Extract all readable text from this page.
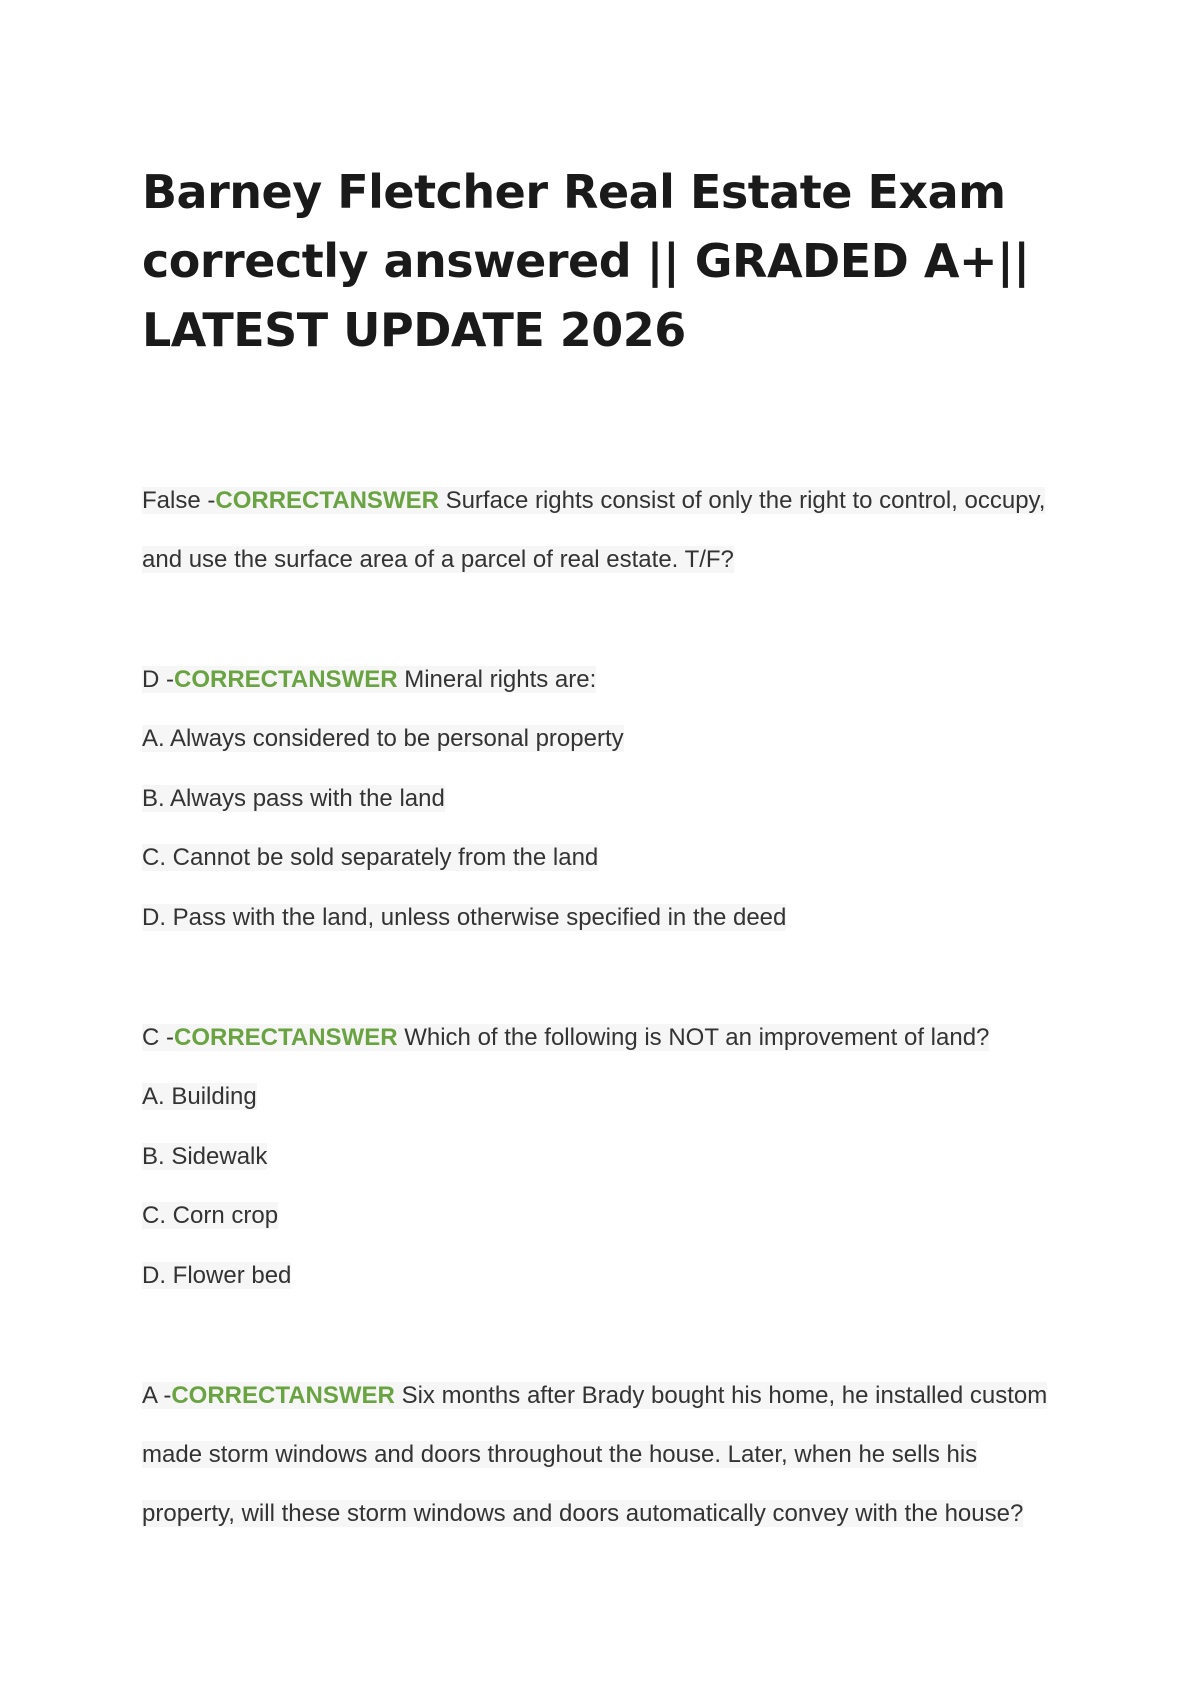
Barney Fletcher Real Estate Exam
correctly answered || GRADED A+||
LATEST UPDATE 2026
False -CORRECTANSWER Surface rights consist of only the right to control, occupy,
and use the surface area of a parcel of real estate. T/F?
D -CORRECTANSWER Mineral rights are:
A. Always considered to be personal property
B. Always pass with the land
C. Cannot be sold separately from the land
D. Pass with the land, unless otherwise specified in the deed
C -CORRECTANSWER Which of the following is NOT an improvement of land?
A. Building
B. Sidewalk
C. Corn crop
D. Flower bed
A -CORRECTANSWER Six months after Brady bought his home, he installed custom
made storm windows and doors throughout the house. Later, when he sells his
property, will these storm windows and doors automatically convey with the house?
